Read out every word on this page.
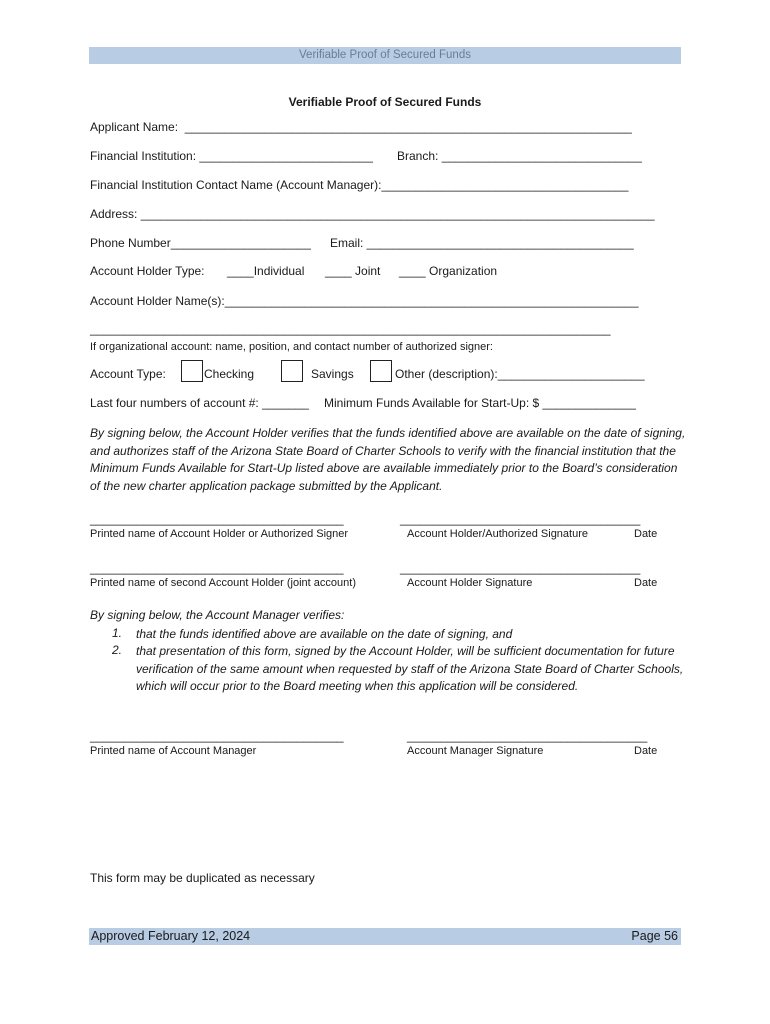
Verifiable Proof of Secured Funds
Verifiable Proof of Secured Funds
Applicant Name:  ___________________________________________________________________
Financial Institution: __________________________ Branch: ______________________________
Financial Institution Contact Name (Account Manager):_____________________________________
Address: _____________________________________________________________________________
Phone Number_____________________ Email: ________________________________________
Account Holder Type: ____Individual ____ Joint ____ Organization
Account Holder Name(s):______________________________________________________________
______________________________________________________________________________
If organizational account: name, position, and contact number of authorized signer:
Account Type:	Checking	Savings	Other (description):______________________
Last four numbers of account #: _______ Minimum Funds Available for Start-Up: $ ______________
By signing below, the Account Holder verifies that the funds identified above are available on the date of signing, and authorizes staff of the Arizona State Board of Charter Schools to verify with the financial institution that the Minimum Funds Available for Start-Up listed above are available immediately prior to the Board’s consideration of the new charter application package submitted by the Applicant.
______________________________________	____________________________________
Printed name of Account Holder or Authorized Signer	Account Holder/Authorized Signature	Date
______________________________________	____________________________________
Printed name of second Account Holder (joint account)	Account Holder Signature	Date
By signing below, the Account Manager verifies:
1. that the funds identified above are available on the date of signing, and
2. that presentation of this form, signed by the Account Holder, will be sufficient documentation for future verification of the same amount when requested by staff of the Arizona State Board of Charter Schools, which will occur prior to the Board meeting when this application will be considered.
______________________________________	____________________________________
Printed name of Account Manager	Account Manager Signature	Date
This form may be duplicated as necessary
Approved February 12, 2024	Page 56
